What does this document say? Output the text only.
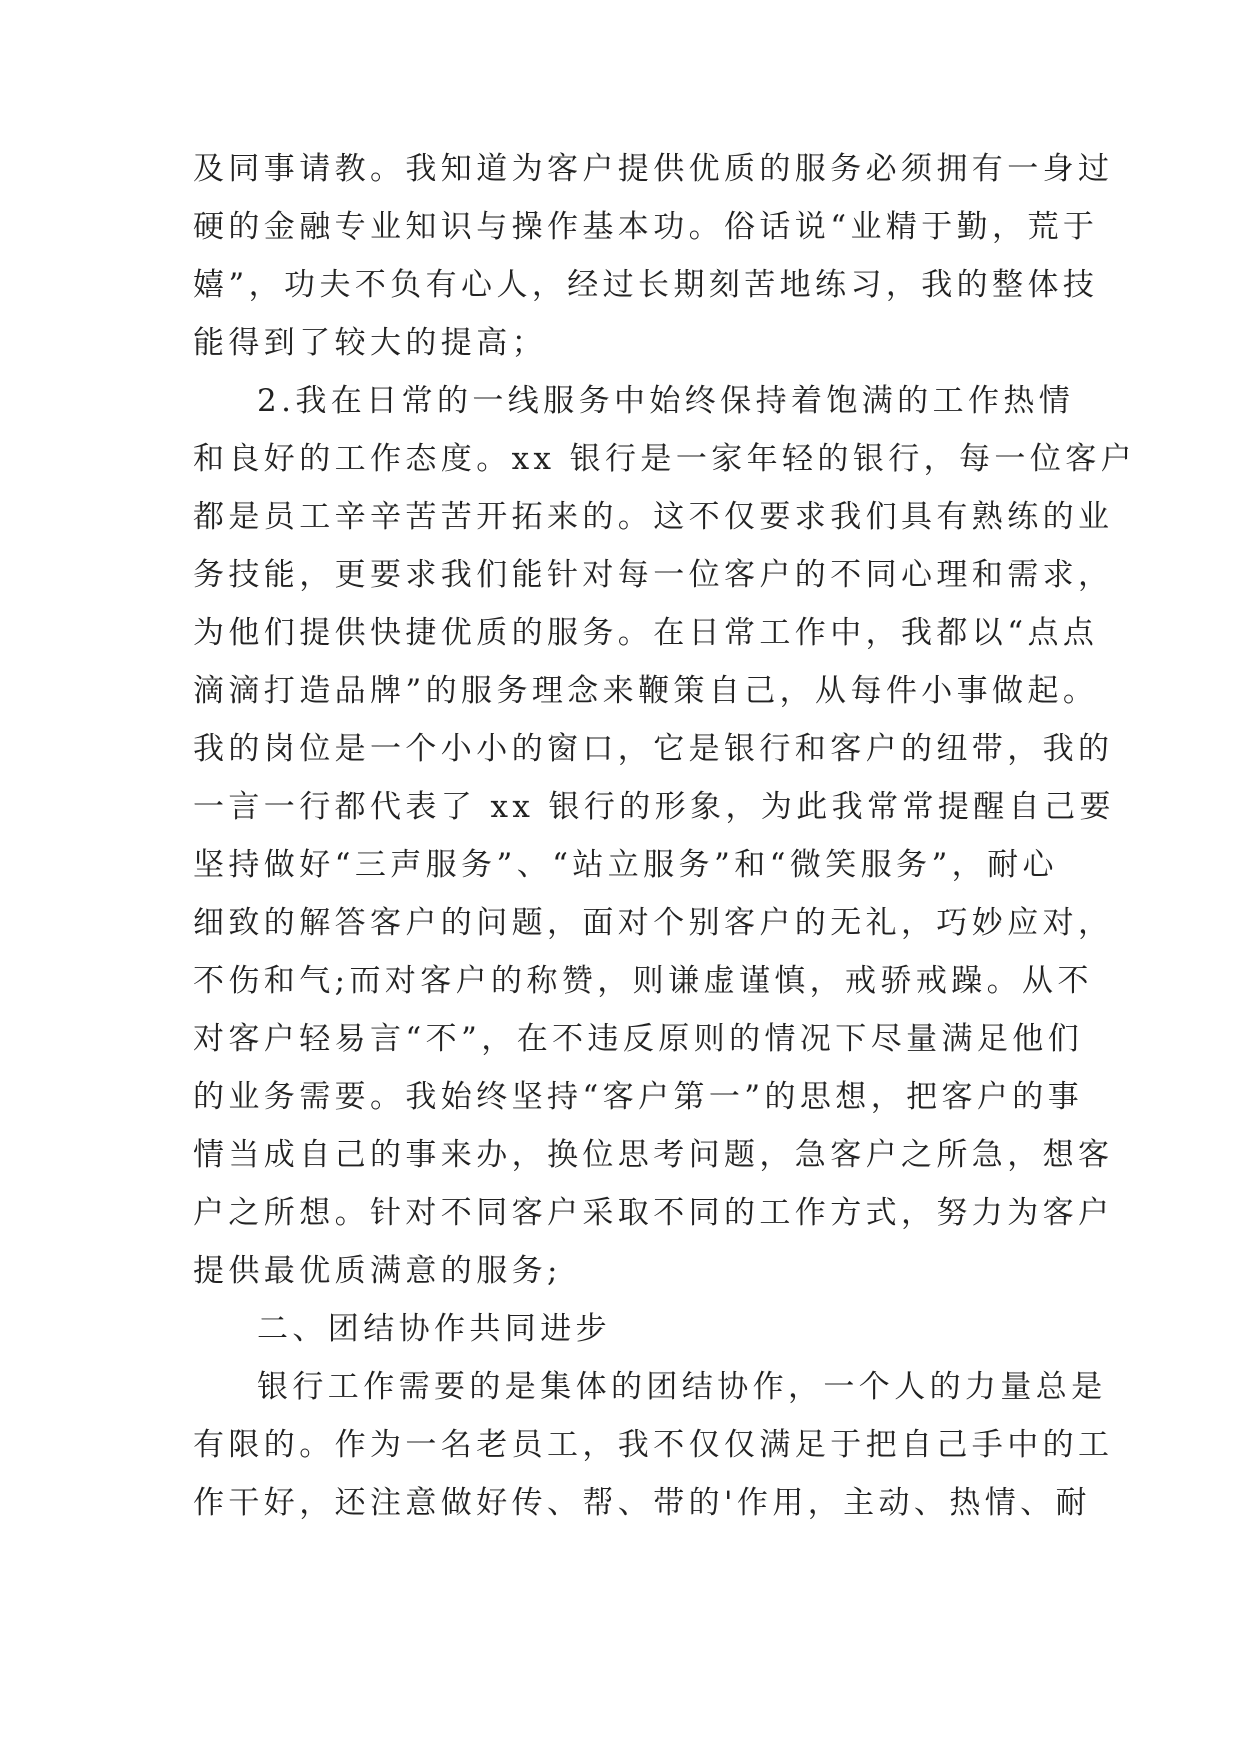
及同事请教。我知道为客户提供优质的服务必须拥有一身过
硬的金融专业知识与操作基本功。俗话说“业精于勤，荒于
嬉”，功夫不负有心人，经过长期刻苦地练习，我的整体技
能得到了较大的提高；
2.我在日常的一线服务中始终保持着饱满的工作热情
和良好的工作态度。xx 银行是一家年轻的银行，每一位客户
都是员工辛辛苦苦开拓来的。这不仅要求我们具有熟练的业
务技能，更要求我们能针对每一位客户的不同心理和需求，
为他们提供快捷优质的服务。在日常工作中，我都以“点点
滴滴打造品牌”的服务理念来鞭策自己，从每件小事做起。
我的岗位是一个小小的窗口，它是银行和客户的纽带，我的
一言一行都代表了 xx 银行的形象，为此我常常提醒自己要
坚持做好“三声服务”、“站立服务”和“微笑服务”，耐心
细致的解答客户的问题，面对个别客户的无礼，巧妙应对，
不伤和气;而对客户的称赞，则谦虚谨慎，戒骄戒躁。从不
对客户轻易言“不”，在不违反原则的情况下尽量满足他们
的业务需要。我始终坚持“客户第一”的思想，把客户的事
情当成自己的事来办，换位思考问题，急客户之所急，想客
户之所想。针对不同客户采取不同的工作方式，努力为客户
提供最优质满意的服务;
二、团结协作共同进步
银行工作需要的是集体的团结协作，一个人的力量总是
有限的。作为一名老员工，我不仅仅满足于把自己手中的工
作干好，还注意做好传、帮、带的'作用，主动、热情、耐
